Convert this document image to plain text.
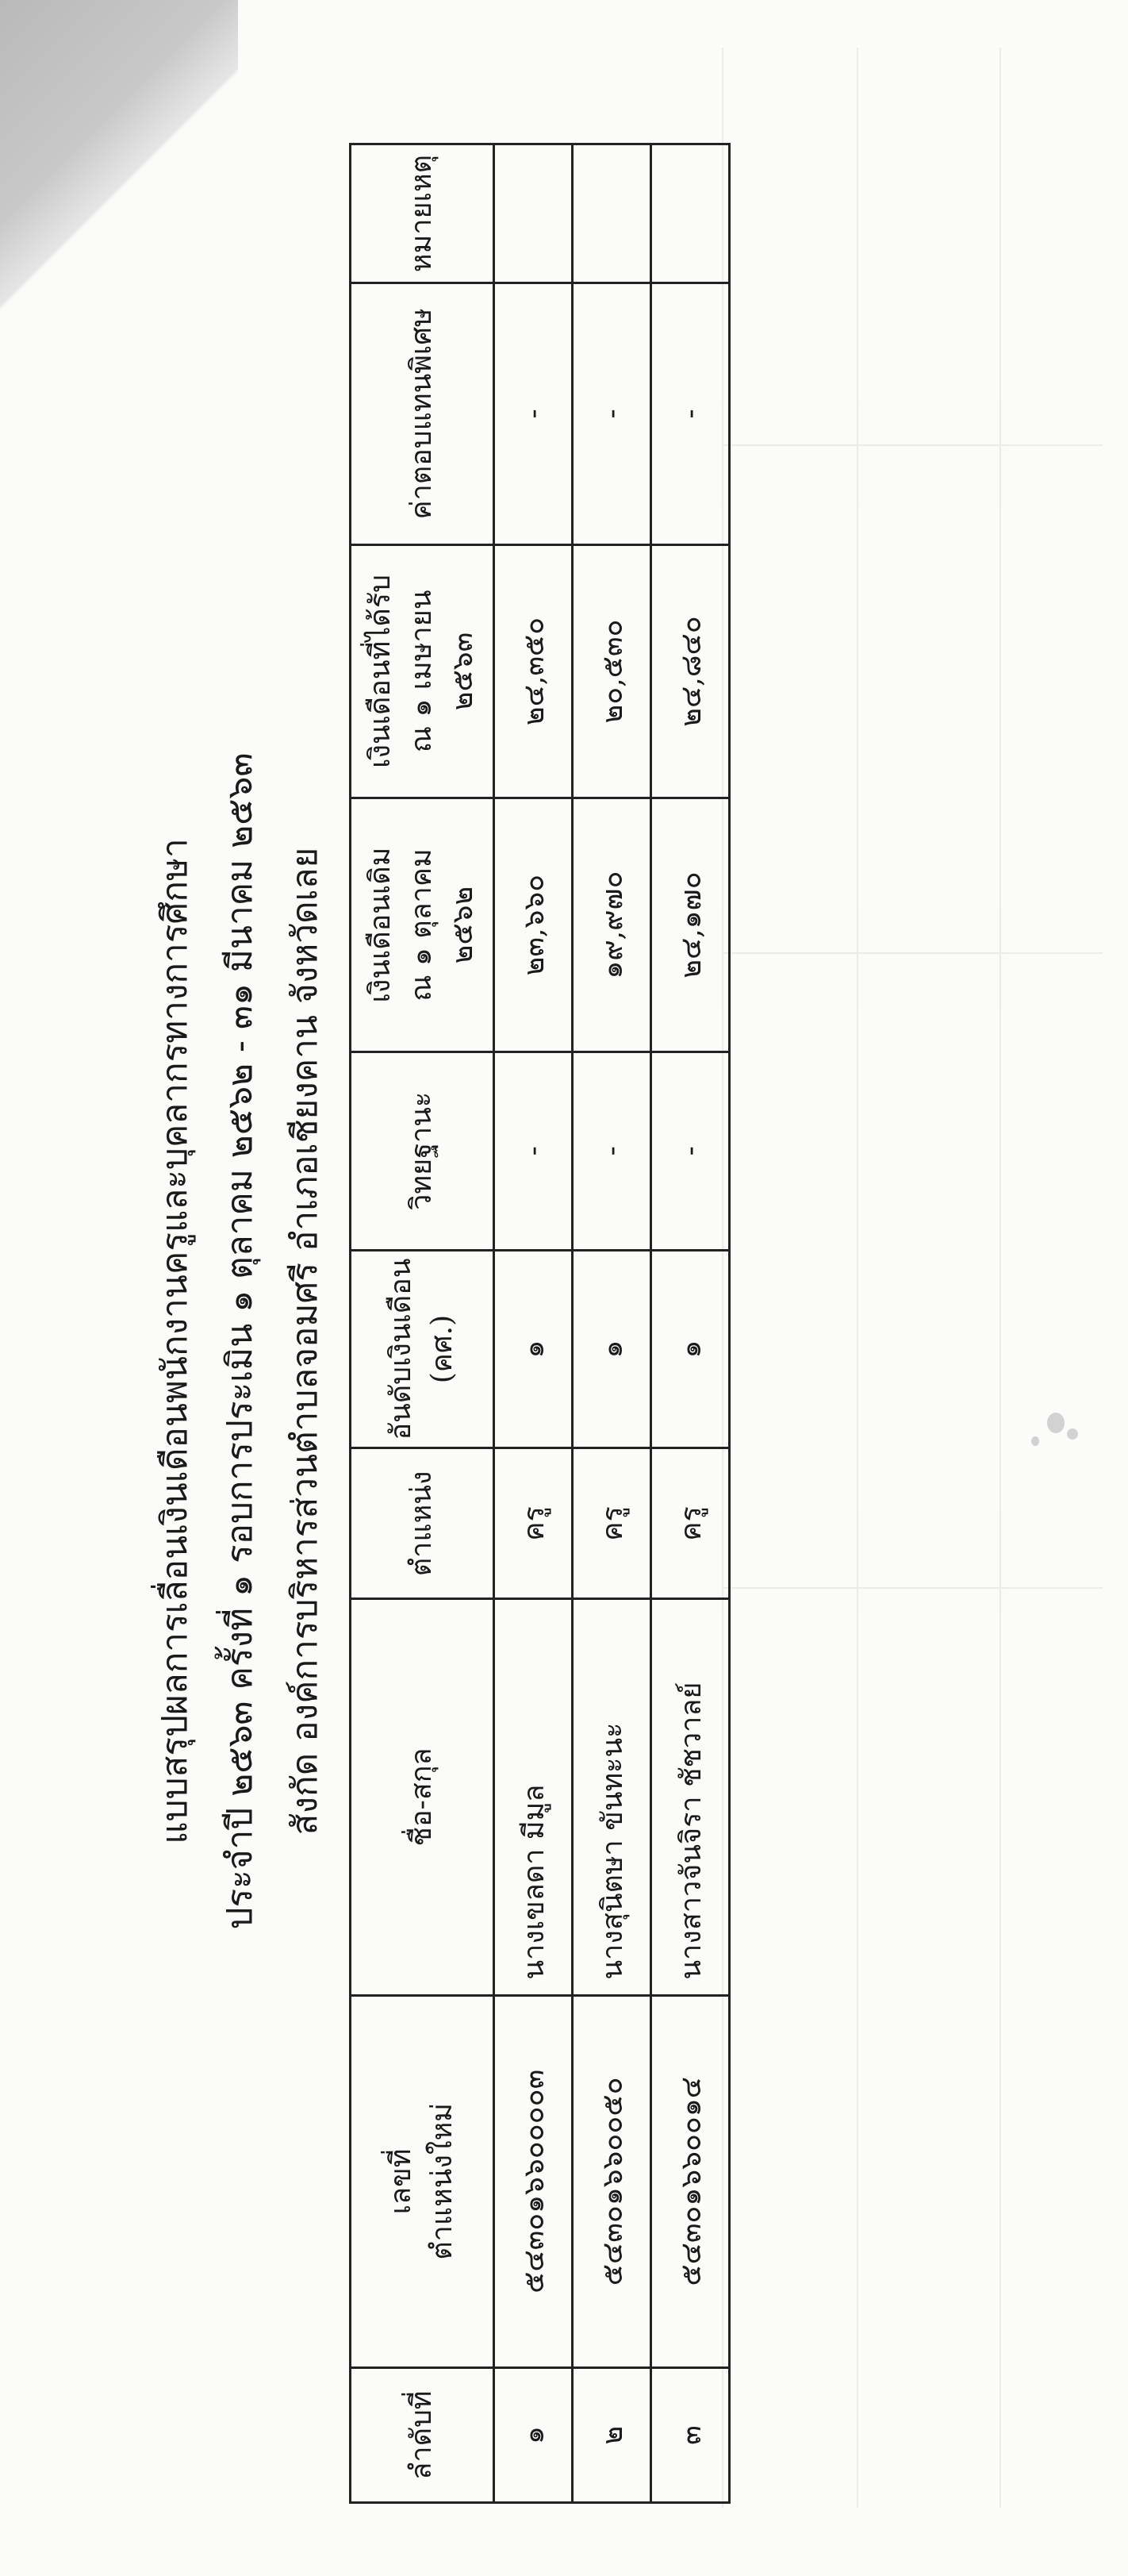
แบบสรุปผลการเลื่อนเงินเดือนพนักงานครูและบุคลากรทางการศึกษา ประจำปี ๒๕๖๓ ครั้งที่ ๑ รอบการประเมิน ๑ ตุลาคม ๒๕๖๒ - ๓๑ มีนาคม ๒๕๖๓ สังกัด องค์การบริหารส่วนตำบลจอมศรี อำเภอเชียงคาน จังหวัดเลย
ลำดับที่	เลขที่ ตำแหน่งใหม่	ชื่อ-สกุล	ตำแหน่ง	อันดับเงินเดือน (คศ.)	วิทยฐานะ	เงินเดือนเดิม ณ ๑ ตุลาคม ๒๕๖๒	เงินเดือนที่ได้รับ ณ ๑ เมษายน ๒๕๖๓	ค่าตอบแทนพิเศษ	หมายเหตุ

๑	๕๔๓๐๑๖๖๐๐๐๐๓	นางเขลดา มีมูล	ครู	๑	-	๒๓,๖๖๐	๒๔,๓๕๐	-	
๒	๕๔๓๐๑๖๖๐๐๕๐	นางสุนิตษา ขันทะนะ	ครู	๑	-	๑๙,๙๗๐	๒๐,๕๓๐	-	
๓	๕๔๓๐๑๖๖๐๐๑๔	นางสาวจันจิรา ชัชวาลย์	ครู	๑	-	๒๔,๑๗๐	๒๔,๘๔๐	-	
